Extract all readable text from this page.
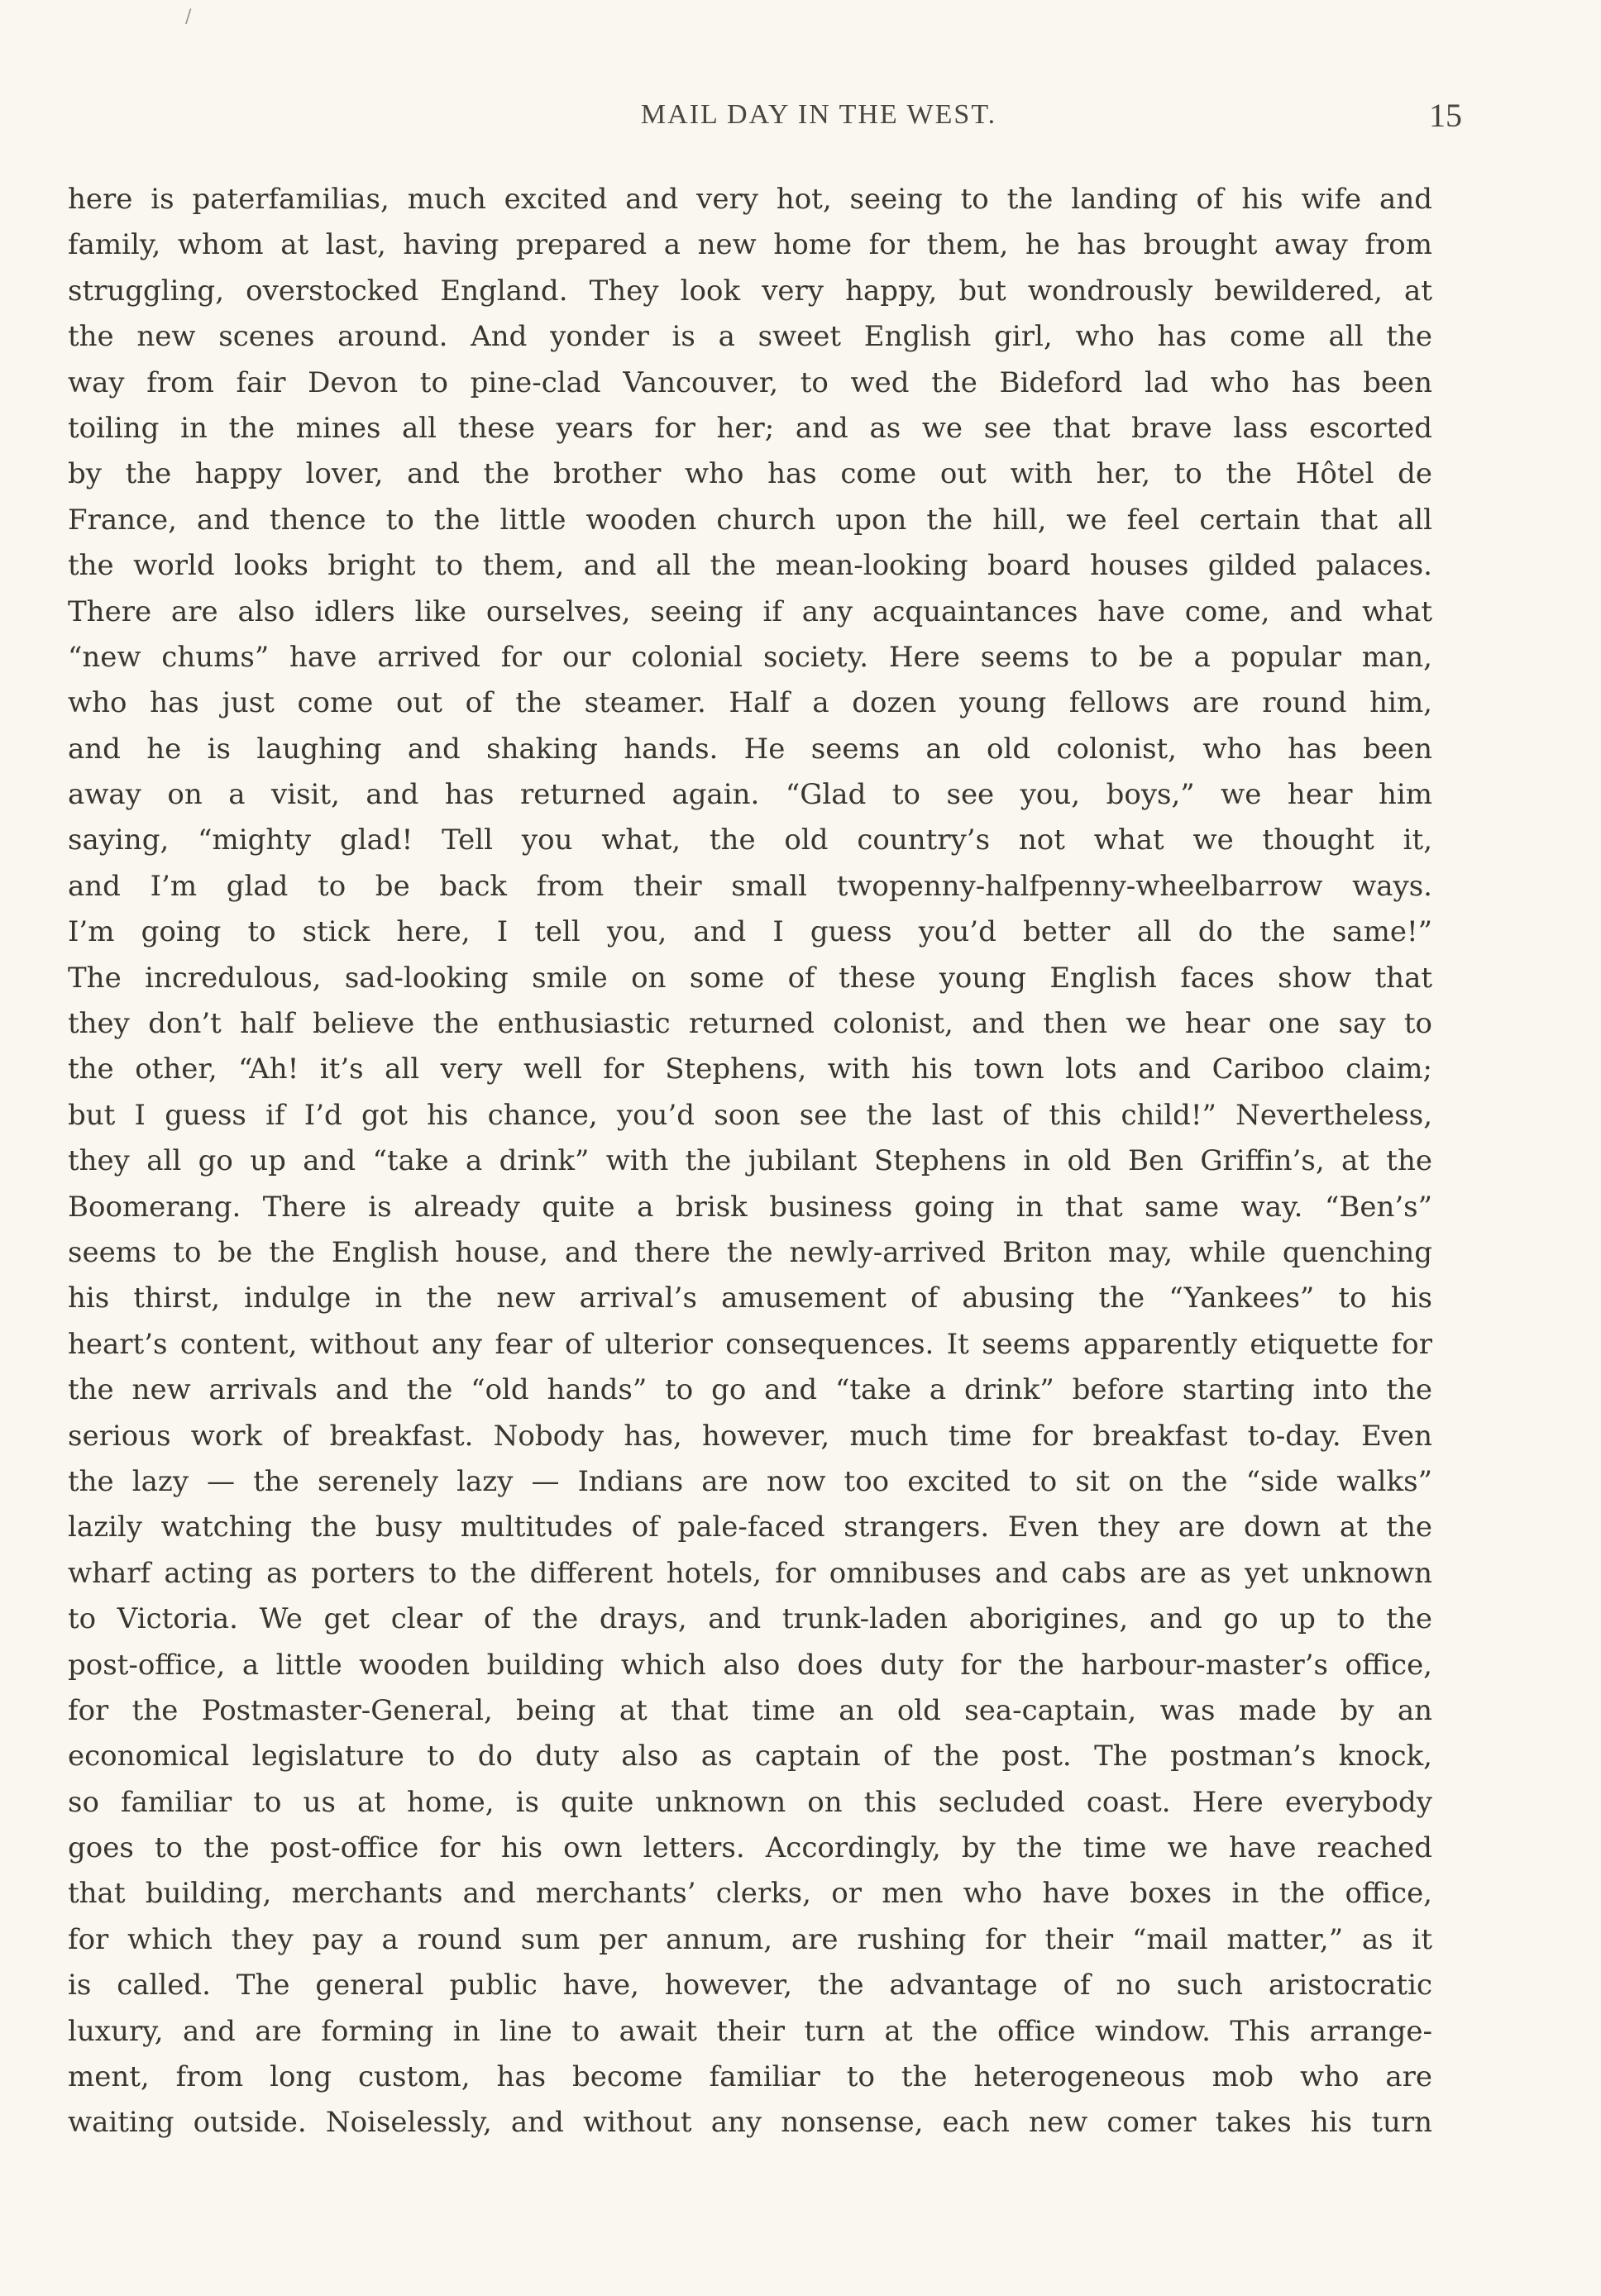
/
MAIL DAY IN THE WEST.	15
here is paterfamilias, much excited and very hot, seeing to the landing of his wife and
family, whom at last, having prepared a new home for them, he has brought away from
struggling, overstocked England. They look very happy, but wondrously bewildered, at
the new scenes around. And yonder is a sweet English girl, who has come all the
way from fair Devon to pine-clad Vancouver, to wed the Bideford lad who has been
toiling in the mines all these years for her; and as we see that brave lass escorted
by the happy lover, and the brother who has come out with her, to the Hôtel de
France, and thence to the little wooden church upon the hill, we feel certain that all
the world looks bright to them, and all the mean-looking board houses gilded palaces.
There are also idlers like ourselves, seeing if any acquaintances have come, and what
“new chums” have arrived for our colonial society. Here seems to be a popular man,
who has just come out of the steamer. Half a dozen young fellows are round him,
and he is laughing and shaking hands. He seems an old colonist, who has been
away on a visit, and has returned again. “Glad to see you, boys,” we hear him
saying, “mighty glad! Tell you what, the old country’s not what we thought it,
and I’m glad to be back from their small twopenny-halfpenny-wheelbarrow ways.
I’m going to stick here, I tell you, and I guess you’d better all do the same!”
The incredulous, sad-looking smile on some of these young English faces show that
they don’t half believe the enthusiastic returned colonist, and then we hear one say to
the other, “Ah! it’s all very well for Stephens, with his town lots and Cariboo claim;
but I guess if I’d got his chance, you’d soon see the last of this child!” Nevertheless,
they all go up and “take a drink” with the jubilant Stephens in old Ben Griffin’s, at the
Boomerang. There is already quite a brisk business going in that same way. “Ben’s”
seems to be the English house, and there the newly-arrived Briton may, while quenching
his thirst, indulge in the new arrival’s amusement of abusing the “Yankees” to his
heart’s content, without any fear of ulterior consequences. It seems apparently etiquette for
the new arrivals and the “old hands” to go and “take a drink” before starting into the
serious work of breakfast. Nobody has, however, much time for breakfast to-day. Even
the lazy — the serenely lazy — Indians are now too excited to sit on the “side walks”
lazily watching the busy multitudes of pale-faced strangers. Even they are down at the
wharf acting as porters to the different hotels, for omnibuses and cabs are as yet unknown
to Victoria. We get clear of the drays, and trunk-laden aborigines, and go up to the
post-office, a little wooden building which also does duty for the harbour-master’s office,
for the Postmaster-General, being at that time an old sea-captain, was made by an
economical legislature to do duty also as captain of the post. The postman’s knock,
so familiar to us at home, is quite unknown on this secluded coast. Here everybody
goes to the post-office for his own letters. Accordingly, by the time we have reached
that building, merchants and merchants’ clerks, or men who have boxes in the office,
for which they pay a round sum per annum, are rushing for their “mail matter,” as it
is called. The general public have, however, the advantage of no such aristocratic
luxury, and are forming in line to await their turn at the office window. This arrange-
ment, from long custom, has become familiar to the heterogeneous mob who are
waiting outside. Noiselessly, and without any nonsense, each new comer takes his turn
